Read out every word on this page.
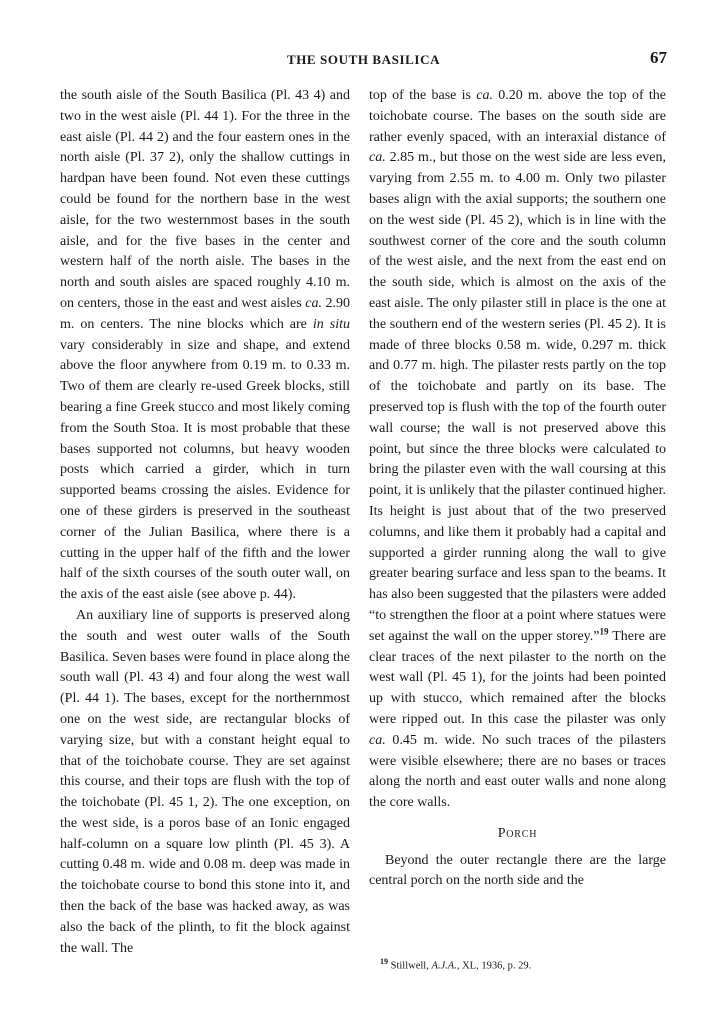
THE SOUTH BASILICA	67

the south aisle of the South Basilica (Pl. 43 4) and two in the west aisle (Pl. 44 1). For the three in the east aisle (Pl. 44 2) and the four eastern ones in the north aisle (Pl. 37 2), only the shallow cuttings in hardpan have been found. Not even these cuttings could be found for the northern base in the west aisle, for the two westernmost bases in the south aisle, and for the five bases in the center and western half of the north aisle. The bases in the north and south aisles are spaced roughly 4.10 m. on centers, those in the east and west aisles ca. 2.90 m. on centers. The nine blocks which are in situ vary considerably in size and shape, and extend above the floor anywhere from 0.19 m. to 0.33 m. Two of them are clearly re-used Greek blocks, still bearing a fine Greek stucco and most likely coming from the South Stoa. It is most probable that these bases supported not columns, but heavy wooden posts which carried a girder, which in turn supported beams crossing the aisles. Evidence for one of these girders is preserved in the southeast corner of the Julian Basilica, where there is a cutting in the upper half of the fifth and the lower half of the sixth courses of the south outer wall, on the axis of the east aisle (see above p. 44).

An auxiliary line of supports is preserved along the south and west outer walls of the South Basilica. Seven bases were found in place along the south wall (Pl. 43 4) and four along the west wall (Pl. 44 1). The bases, except for the northernmost one on the west side, are rectangular blocks of varying size, but with a constant height equal to that of the toichobate course. They are set against this course, and their tops are flush with the top of the toichobate (Pl. 45 1, 2). The one exception, on the west side, is a poros base of an Ionic engaged half-column on a square low plinth (Pl. 45 3). A cutting 0.48 m. wide and 0.08 m. deep was made in the toichobate course to bond this stone into it, and then the back of the base was hacked away, as was also the back of the plinth, to fit the block against the wall. The

top of the base is ca. 0.20 m. above the top of the toichobate course. The bases on the south side are rather evenly spaced, with an interaxial distance of ca. 2.85 m., but those on the west side are less even, varying from 2.55 m. to 4.00 m. Only two pilaster bases align with the axial supports; the southern one on the west side (Pl. 45 2), which is in line with the southwest corner of the core and the south column of the west aisle, and the next from the east end on the south side, which is almost on the axis of the east aisle. The only pilaster still in place is the one at the southern end of the western series (Pl. 45 2). It is made of three blocks 0.58 m. wide, 0.297 m. thick and 0.77 m. high. The pilaster rests partly on the top of the toichobate and partly on its base. The preserved top is flush with the top of the fourth outer wall course; the wall is not preserved above this point, but since the three blocks were calculated to bring the pilaster even with the wall coursing at this point, it is unlikely that the pilaster continued higher. Its height is just about that of the two preserved columns, and like them it probably had a capital and supported a girder running along the wall to give greater bearing surface and less span to the beams. It has also been suggested that the pilasters were added “to strengthen the floor at a point where statues were set against the wall on the upper storey.”$^{19}$ There are clear traces of the next pilaster to the north on the west wall (Pl. 45 1), for the joints had been pointed up with stucco, which remained after the blocks were ripped out. In this case the pilaster was only ca. 0.45 m. wide. No such traces of the pilasters were visible elsewhere; there are no bases or traces along the north and east outer walls and none along the core walls.

Porch

Beyond the outer rectangle there are the large central porch on the north side and the

$^{19}$ Stillwell, A.J.A., XL, 1936, p. 29.
